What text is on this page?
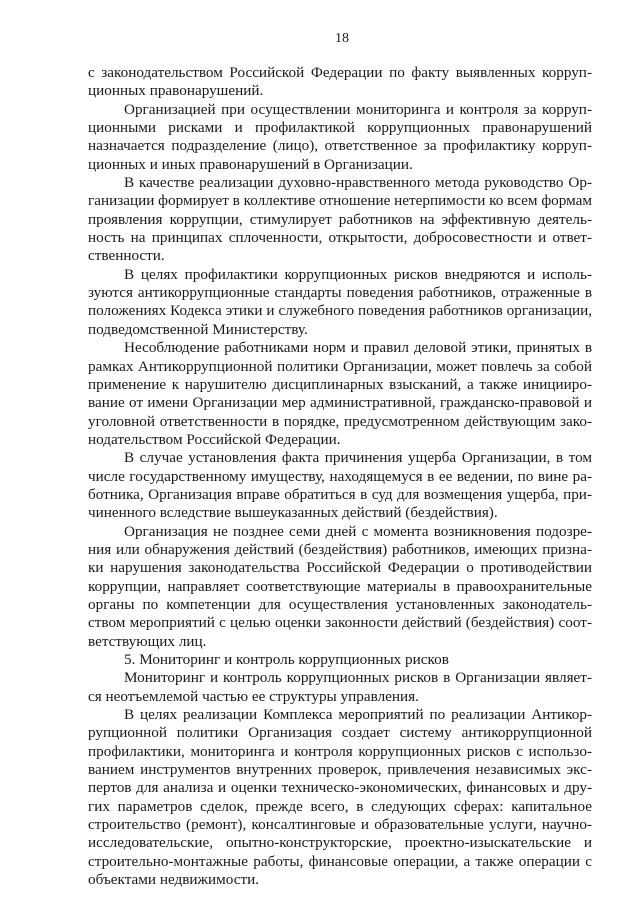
18

с законодательством Российской Федерации по факту выявленных коррупционных правонарушений.

Организацией при осуществлении мониторинга и контроля за коррупционными рисками и профилактикой коррупционных правонарушений назначается подразделение (лицо), ответственное за профилактику коррупционных и иных правонарушений в Организации.

В качестве реализации духовно-нравственного метода руководство Организации формирует в коллективе отношение нетерпимости ко всем формам проявления коррупции, стимулирует работников на эффективную деятельность на принципах сплоченности, открытости, добросовестности и ответственности.

В целях профилактики коррупционных рисков внедряются и используются антикоррупционные стандарты поведения работников, отраженные в положениях Кодекса этики и служебного поведения работников организации, подведомственной Министерству.

Несоблюдение работниками норм и правил деловой этики, принятых в рамках Антикоррупционной политики Организации, может повлечь за собой применение к нарушителю дисциплинарных взысканий, а также инициирование от имени Организации мер административной, гражданско-правовой и уголовной ответственности в порядке, предусмотренном действующим законодательством Российской Федерации.

В случае установления факта причинения ущерба Организации, в том числе государственному имуществу, находящемуся в ее ведении, по вине работника, Организация вправе обратиться в суд для возмещения ущерба, причиненного вследствие вышеуказанных действий (бездействия).

Организация не позднее семи дней с момента возникновения подозрения или обнаружения действий (бездействия) работников, имеющих признаки нарушения законодательства Российской Федерации о противодействии коррупции, направляет соответствующие материалы в правоохранительные органы по компетенции для осуществления установленных законодательством мероприятий с целью оценки законности действий (бездействия) соответствующих лиц.

5. Мониторинг и контроль коррупционных рисков

Мониторинг и контроль коррупционных рисков в Организации является неотъемлемой частью ее структуры управления.

В целях реализации Комплекса мероприятий по реализации Антикоррупционной политики Организация создает систему антикоррупционной профилактики, мониторинга и контроля коррупционных рисков с использованием инструментов внутренних проверок, привлечения независимых экспертов для анализа и оценки техническо-экономических, финансовых и других параметров сделок, прежде всего, в следующих сферах: капитальное строительство (ремонт), консалтинговые и образовательные услуги, научно-исследовательские, опытно-конструкторские, проектно-изыскательские и строительно-монтажные работы, финансовые операции, а также операции с объектами недвижимости.
